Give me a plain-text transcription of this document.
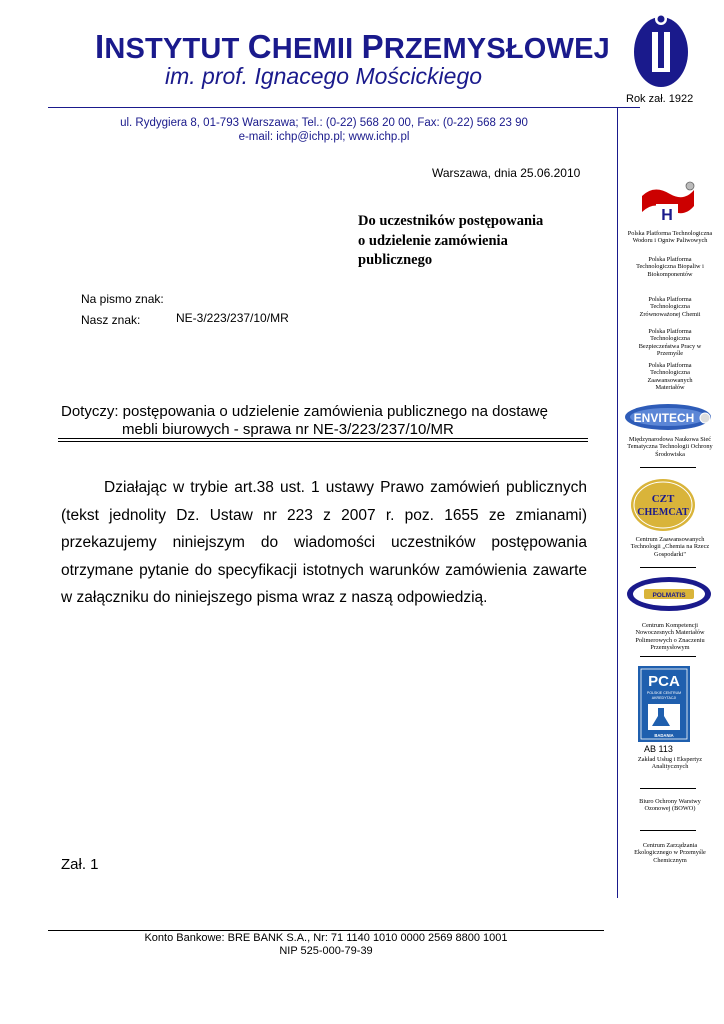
INSTYTUT CHEMII PRZEMYSŁOWEJ
im. prof. Ignacego Mościckiego
Rok zał. 1922
ul. Rydygiera 8, 01-793 Warszawa; Tel.: (0-22) 568 20 00, Fax: (0-22) 568 23 90
e-mail: ichp@ichp.pl; www.ichp.pl
Warszawa, dnia 25.06.2010
Do uczestników postępowania
o udzielenie zamówienia
publicznego
Na pismo znak:
Nasz znak:	NE-3/223/237/10/MR
Dotyczy: postępowania o udzielenie zamówienia publicznego na dostawę
mebli biurowych - sprawa nr NE-3/223/237/10/MR
Działając w trybie art.38 ust. 1 ustawy Prawo zamówień publicznych (tekst jednolity Dz. Ustaw nr 223 z 2007 r. poz. 1655 ze zmianami) przekazujemy niniejszym do wiadomości uczestników postępowania otrzymane pytanie do specyfikacji istotnych warunków zamówienia zawarte w załączniku do niniejszego pisma wraz z naszą odpowiedzią.
Zał. 1
Konto Bankowe: BRE BANK S.A., Nr: 71 1140 1010 0000 2569 8800 1001
NIP 525-000-79-39
H
Polska Platforma Technologiczna Wodoru i Ogniw Paliwowych
Polska Platforma Technologiczna Biopaliw i Biokomponentów
Polska Platforma Technologiczna Zrównoważonej Chemii
Polska Platforma Technologiczna Bezpieczeństwa Pracy w Przemyśle
Polska Platforma Technologiczna Zaawansowanych Materiałów
ENVITECH
Międzynarodowa Naukowa Sieć Tematyczna Technologii Ochrony Środowiska
CZT
CHEMCAT
Centrum Zaawansowanych Technologii „Chemia na Rzecz Gospodarki"
POLMATIS
Centrum Kompetencji Nowoczesnych Materiałów Polimerowych o Znaczeniu Przemysłowym
PCA
POLSKIE CENTRUM
AKREDYTACJI
BADANIA
AB 113
Zakład Usług i Ekspertyz Analitycznych
Biuro Ochrony Warstwy Ozonowej (BOWO)
Centrum Zarządzania Ekologicznego w Przemyśle Chemicznym
